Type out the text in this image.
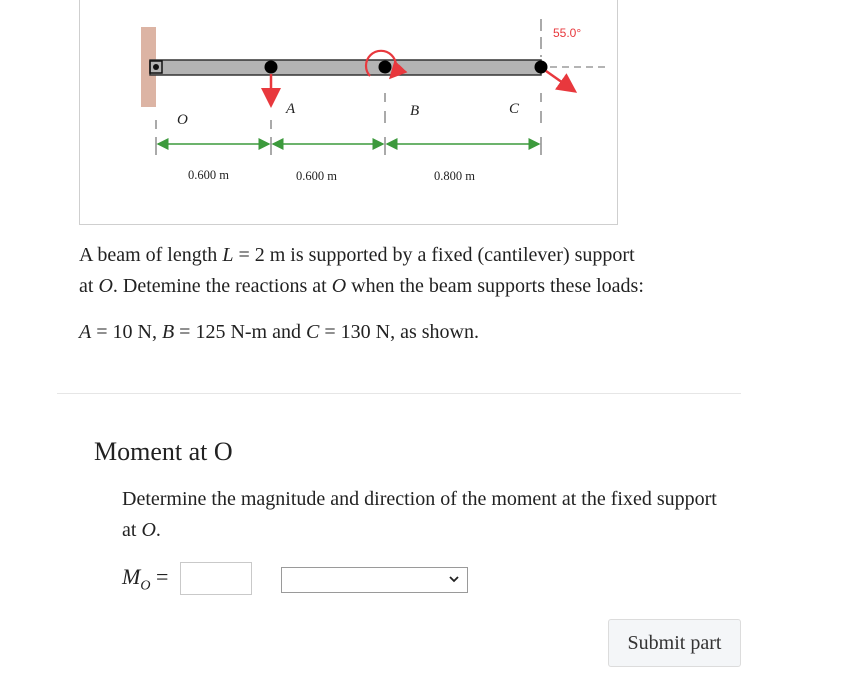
55.0°
O
A	B	C
0.600 m	0.600 m	0.800 m

A beam of length L = 2 m is supported by a fixed (cantilever) support

at O. Detemine the reactions at O when the beam supports these loads:

A = 10 N, B = 125 N-m and C = 130 N, as shown.

Moment at O
Determine the magnitude and direction of the moment at the fixed support at O.
$M_O$ =
Submit part
